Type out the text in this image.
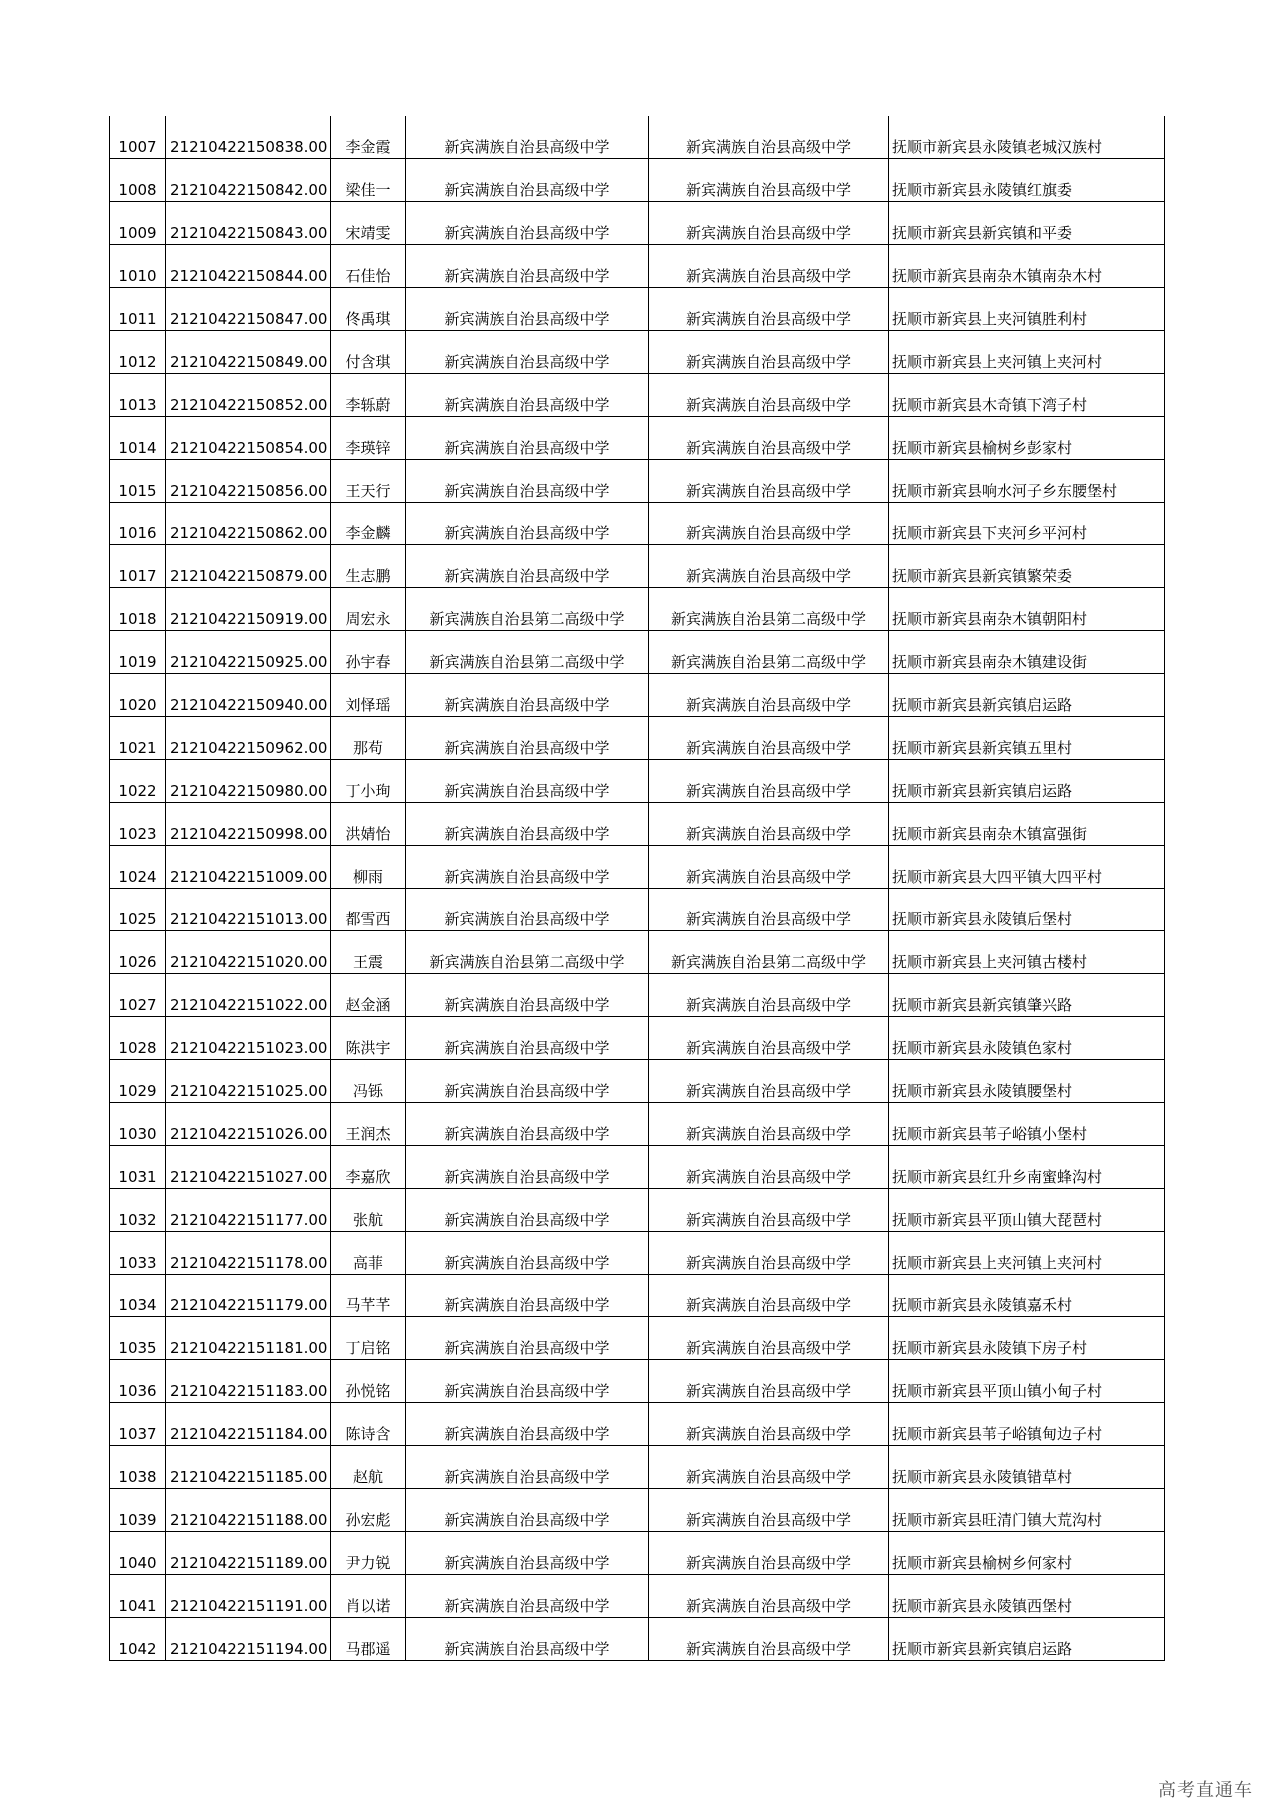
1007	21210422150838.00	李金霞	新宾满族自治县高级中学	新宾满族自治县高级中学	抚顺市新宾县永陵镇老城汉族村
1008	21210422150842.00	梁佳一	新宾满族自治县高级中学	新宾满族自治县高级中学	抚顺市新宾县永陵镇红旗委
1009	21210422150843.00	宋靖雯	新宾满族自治县高级中学	新宾满族自治县高级中学	抚顺市新宾县新宾镇和平委
1010	21210422150844.00	石佳怡	新宾满族自治县高级中学	新宾满族自治县高级中学	抚顺市新宾县南杂木镇南杂木村
1011	21210422150847.00	佟禹琪	新宾满族自治县高级中学	新宾满族自治县高级中学	抚顺市新宾县上夹河镇胜利村
1012	21210422150849.00	付含琪	新宾满族自治县高级中学	新宾满族自治县高级中学	抚顺市新宾县上夹河镇上夹河村
1013	21210422150852.00	李轹蔚	新宾满族自治县高级中学	新宾满族自治县高级中学	抚顺市新宾县木奇镇下湾子村
1014	21210422150854.00	李瑛锌	新宾满族自治县高级中学	新宾满族自治县高级中学	抚顺市新宾县榆树乡彭家村
1015	21210422150856.00	王天行	新宾满族自治县高级中学	新宾满族自治县高级中学	抚顺市新宾县响水河子乡东腰堡村
1016	21210422150862.00	李金麟	新宾满族自治县高级中学	新宾满族自治县高级中学	抚顺市新宾县下夹河乡平河村
1017	21210422150879.00	生志鹏	新宾满族自治县高级中学	新宾满族自治县高级中学	抚顺市新宾县新宾镇繁荣委
1018	21210422150919.00	周宏永	新宾满族自治县第二高级中学	新宾满族自治县第二高级中学	抚顺市新宾县南杂木镇朝阳村
1019	21210422150925.00	孙宇春	新宾满族自治县第二高级中学	新宾满族自治县第二高级中学	抚顺市新宾县南杂木镇建设街
1020	21210422150940.00	刘怿瑶	新宾满族自治县高级中学	新宾满族自治县高级中学	抚顺市新宾县新宾镇启运路
1021	21210422150962.00	那苟	新宾满族自治县高级中学	新宾满族自治县高级中学	抚顺市新宾县新宾镇五里村
1022	21210422150980.00	丁小珣	新宾满族自治县高级中学	新宾满族自治县高级中学	抚顺市新宾县新宾镇启运路
1023	21210422150998.00	洪婧怡	新宾满族自治县高级中学	新宾满族自治县高级中学	抚顺市新宾县南杂木镇富强街
1024	21210422151009.00	柳雨	新宾满族自治县高级中学	新宾满族自治县高级中学	抚顺市新宾县大四平镇大四平村
1025	21210422151013.00	都雪西	新宾满族自治县高级中学	新宾满族自治县高级中学	抚顺市新宾县永陵镇后堡村
1026	21210422151020.00	王震	新宾满族自治县第二高级中学	新宾满族自治县第二高级中学	抚顺市新宾县上夹河镇古楼村
1027	21210422151022.00	赵金涵	新宾满族自治县高级中学	新宾满族自治县高级中学	抚顺市新宾县新宾镇肇兴路
1028	21210422151023.00	陈洪宇	新宾满族自治县高级中学	新宾满族自治县高级中学	抚顺市新宾县永陵镇色家村
1029	21210422151025.00	冯铄	新宾满族自治县高级中学	新宾满族自治县高级中学	抚顺市新宾县永陵镇腰堡村
1030	21210422151026.00	王润杰	新宾满族自治县高级中学	新宾满族自治县高级中学	抚顺市新宾县苇子峪镇小堡村
1031	21210422151027.00	李嘉欣	新宾满族自治县高级中学	新宾满族自治县高级中学	抚顺市新宾县红升乡南蜜蜂沟村
1032	21210422151177.00	张航	新宾满族自治县高级中学	新宾满族自治县高级中学	抚顺市新宾县平顶山镇大琵琶村
1033	21210422151178.00	高菲	新宾满族自治县高级中学	新宾满族自治县高级中学	抚顺市新宾县上夹河镇上夹河村
1034	21210422151179.00	马芊芊	新宾满族自治县高级中学	新宾满族自治县高级中学	抚顺市新宾县永陵镇嘉禾村
1035	21210422151181.00	丁启铭	新宾满族自治县高级中学	新宾满族自治县高级中学	抚顺市新宾县永陵镇下房子村
1036	21210422151183.00	孙悦铭	新宾满族自治县高级中学	新宾满族自治县高级中学	抚顺市新宾县平顶山镇小甸子村
1037	21210422151184.00	陈诗含	新宾满族自治县高级中学	新宾满族自治县高级中学	抚顺市新宾县苇子峪镇甸边子村
1038	21210422151185.00	赵航	新宾满族自治县高级中学	新宾满族自治县高级中学	抚顺市新宾县永陵镇错草村
1039	21210422151188.00	孙宏彪	新宾满族自治县高级中学	新宾满族自治县高级中学	抚顺市新宾县旺清门镇大荒沟村
1040	21210422151189.00	尹力锐	新宾满族自治县高级中学	新宾满族自治县高级中学	抚顺市新宾县榆树乡何家村
1041	21210422151191.00	肖以诺	新宾满族自治县高级中学	新宾满族自治县高级中学	抚顺市新宾县永陵镇西堡村
1042	21210422151194.00	马郡遥	新宾满族自治县高级中学	新宾满族自治县高级中学	抚顺市新宾县新宾镇启运路
高考直通车
